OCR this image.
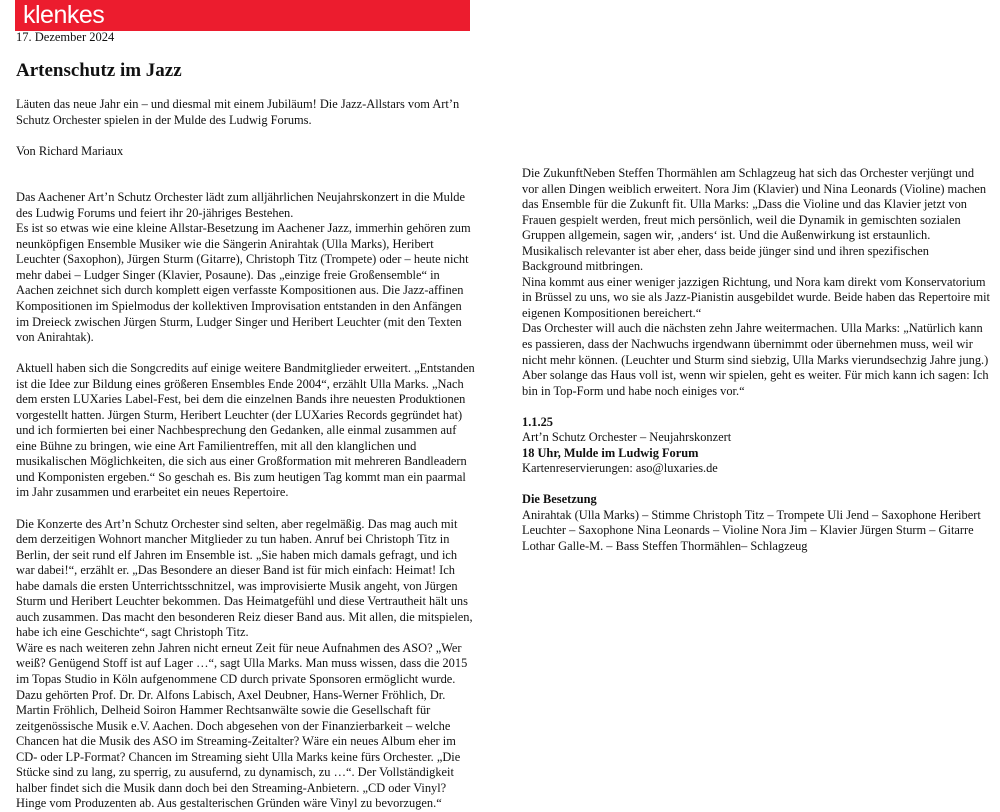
klenkes
17. Dezember 2024
Artenschutz im Jazz

Läuten das neue Jahr ein – und diesmal mit einem Jubiläum! Die Jazz-Allstars vom Art’n Schutz Orchester spielen in der Mulde des Ludwig Forums.

Von Richard Mariaux

Das Aachener Art’n Schutz Orchester lädt zum alljährlichen Neujahrskonzert in die Mulde des Ludwig Forums und feiert ihr 20-jähriges Bestehen.

Es ist so etwas wie eine kleine Allstar-Besetzung im Aachener Jazz, immerhin gehören zum neunköpfigen Ensemble Musiker wie die Sängerin Anirahtak (Ulla Marks), Heribert Leuchter (Saxophon), Jürgen Sturm (Gitarre), Christoph Titz (Trompete) oder – heute nicht mehr dabei – Ludger Singer (Klavier, Posaune). Das „einzige freie Großensemble“ in Aachen zeichnet sich durch komplett eigen verfasste Kompositionen aus. Die Jazz-affinen Kompositionen im Spielmodus der kollektiven Improvisation entstanden in den Anfängen im Dreieck zwischen Jürgen Sturm, Ludger Singer und Heribert Leuchter (mit den Texten von Anirahtak).

Aktuell haben sich die Songcredits auf einige weitere Bandmitglieder erweitert. „Entstanden ist die Idee zur Bildung eines größeren Ensembles Ende 2004“, erzählt Ulla Marks. „Nach dem ersten LUXaries Label-Fest, bei dem die einzelnen Bands ihre neuesten Produktionen vorgestellt hatten. Jürgen Sturm, Heribert Leuchter (der LUXaries Records gegründet hat) und ich formierten bei einer Nachbesprechung den Gedanken, alle einmal zusammen auf eine Bühne zu bringen, wie eine Art Familientreffen, mit all den klanglichen und musikalischen Möglichkeiten, die sich aus einer Großformation mit mehreren Bandleadern und Komponisten ergeben.“ So geschah es. Bis zum heutigen Tag kommt man ein paarmal im Jahr zusammen und erarbeitet ein neues Repertoire.

Die Konzerte des Art’n Schutz Orchester sind selten, aber regelmäßig. Das mag auch mit dem derzeitigen Wohnort mancher Mitglieder zu tun haben. Anruf bei Christoph Titz in Berlin, der seit rund elf Jahren im Ensemble ist. „Sie haben mich damals gefragt, und ich war dabei!“, erzählt er. „Das Besondere an dieser Band ist für mich einfach: Heimat! Ich habe damals die ersten Unterrichtsschnitzel, was improvisierte Musik angeht, von Jürgen Sturm und Heribert Leuchter bekommen. Das Heimatgefühl und diese Vertrautheit hält uns auch zusammen. Das macht den besonderen Reiz dieser Band aus. Mit allen, die mitspielen, habe ich eine Geschichte“, sagt Christoph Titz.

Wäre es nach weiteren zehn Jahren nicht erneut Zeit für neue Aufnahmen des ASO? „Wer weiß? Genügend Stoff ist auf Lager …“, sagt Ulla Marks. Man muss wissen, dass die 2015 im Topas Studio in Köln aufgenommene CD durch private Sponsoren ermöglicht wurde. Dazu gehörten Prof. Dr. Dr. Alfons Labisch, Axel Deubner, Hans-Werner Fröhlich, Dr. Martin Fröhlich, Delheid Soiron Hammer Rechtsanwälte sowie die Gesellschaft für zeitgenössische Musik e.V. Aachen. Doch abgesehen von der Finanzierbarkeit – welche Chancen hat die Musik des ASO im Streaming-Zeitalter? Wäre ein neues Album eher im CD- oder LP-Format? Chancen im Streaming sieht Ulla Marks keine fürs Orchester. „Die Stücke sind zu lang, zu sperrig, zu ausufernd, zu dynamisch, zu …“. Der Vollständigkeit halber findet sich die Musik dann doch bei den Streaming-Anbietern. „CD oder Vinyl? Hinge vom Produzenten ab. Aus gestalterischen Gründen wäre Vinyl zu bevorzugen.“

Die ZukunftNeben Steffen Thormählen am Schlagzeug hat sich das Orchester verjüngt und vor allen Dingen weiblich erweitert. Nora Jim (Klavier) und Nina Leonards (Violine) machen das Ensemble für die Zukunft fit. Ulla Marks: „Dass die Violine und das Klavier jetzt von Frauen gespielt werden, freut mich persönlich, weil die Dynamik in gemischten sozialen Gruppen allgemein, sagen wir, ‚anders‘ ist. Und die Außenwirkung ist erstaunlich. Musikalisch relevanter ist aber eher, dass beide jünger sind und ihren spezifischen Background mitbringen.

Nina kommt aus einer weniger jazzigen Richtung, und Nora kam direkt vom Konservatorium in Brüssel zu uns, wo sie als Jazz-Pianistin ausgebildet wurde. Beide haben das Repertoire mit eigenen Kompositionen bereichert.“

Das Orchester will auch die nächsten zehn Jahre weitermachen. Ulla Marks: „Natürlich kann es passieren, dass der Nachwuchs irgendwann übernimmt oder übernehmen muss, weil wir nicht mehr können. (Leuchter und Sturm sind siebzig, Ulla Marks vierundsechzig Jahre jung.) Aber solange das Haus voll ist, wenn wir spielen, geht es weiter. Für mich kann ich sagen: Ich bin in Top-Form und habe noch einiges vor.“

1.1.25

Art’n Schutz Orchester – Neujahrskonzert

18 Uhr, Mulde im Ludwig Forum

Kartenreservierungen: aso@luxaries.de

Die Besetzung

Anirahtak (Ulla Marks) – Stimme Christoph Titz – Trompete Uli Jend – Saxophone Heribert Leuchter – Saxophone Nina Leonards – Violine Nora Jim – Klavier Jürgen Sturm – Gitarre Lothar Galle-M. – Bass Steffen Thormählen– Schlagzeug
